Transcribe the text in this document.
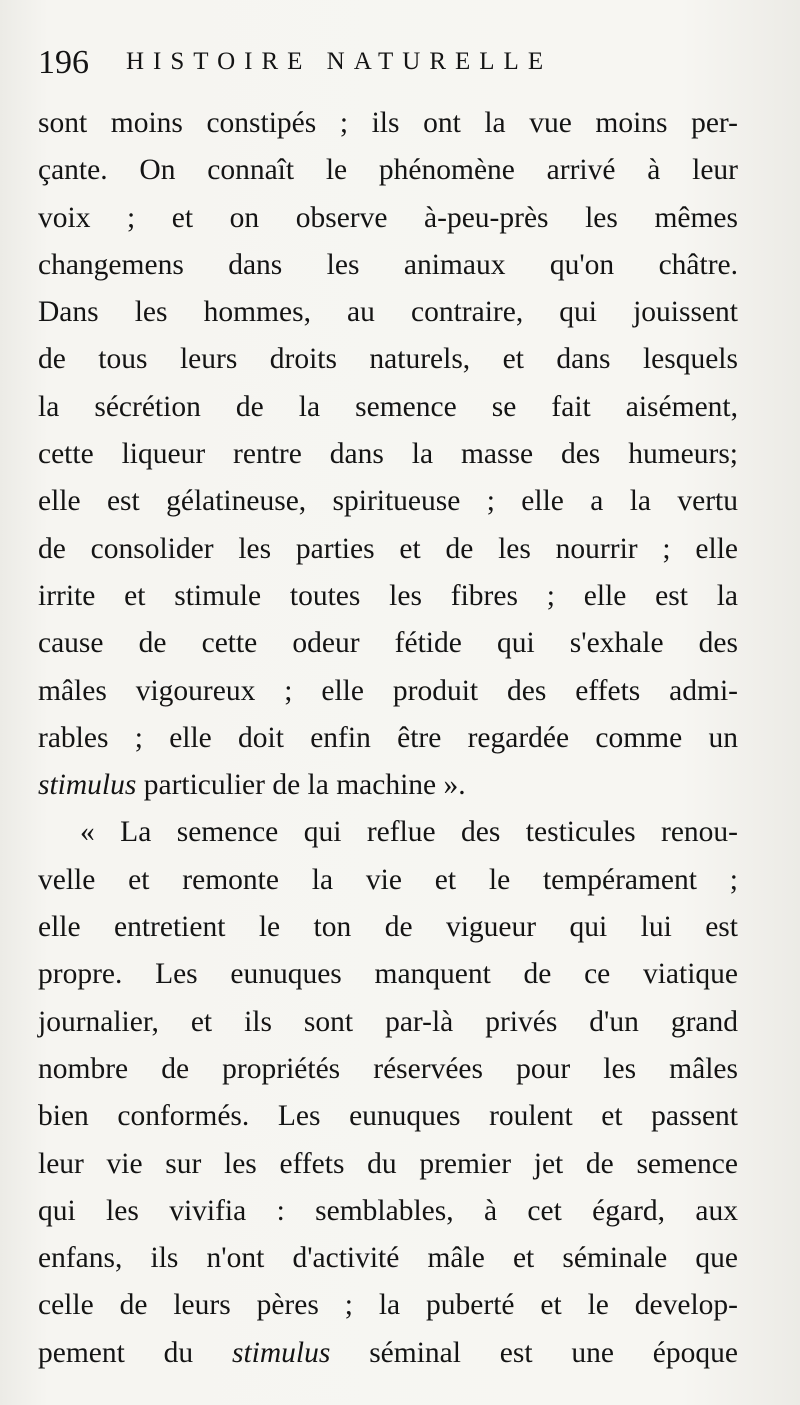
196 HISTOIRE NATURELLE
sont moins constipés ; ils ont la vue moins per-
çante. On connaît le phénomène arrivé à leur
voix ; et on observe à-peu-près les mêmes
changemens dans les animaux qu'on châtre.
Dans les hommes, au contraire, qui jouissent
de tous leurs droits naturels, et dans lesquels
la sécrétion de la semence se fait aisément,
cette liqueur rentre dans la masse des humeurs;
elle est gélatineuse, spiritueuse ; elle a la vertu
de consolider les parties et de les nourrir ; elle
irrite et stimule toutes les fibres ; elle est la
cause de cette odeur fétide qui s'exhale des
mâles vigoureux ; elle produit des effets admi-
rables ; elle doit enfin être regardée comme un
stimulus particulier de la machine ».
« La semence qui reflue des testicules renou-
velle et remonte la vie et le tempérament ;
elle entretient le ton de vigueur qui lui est
propre. Les eunuques manquent de ce viatique
journalier, et ils sont par-là privés d'un grand
nombre de propriétés réservées pour les mâles
bien conformés. Les eunuques roulent et passent
leur vie sur les effets du premier jet de semence
qui les vivifia : semblables, à cet égard, aux
enfans, ils n'ont d'activité mâle et séminale que
celle de leurs pères ; la puberté et le develop-
pement du stimulus séminal est une époque
